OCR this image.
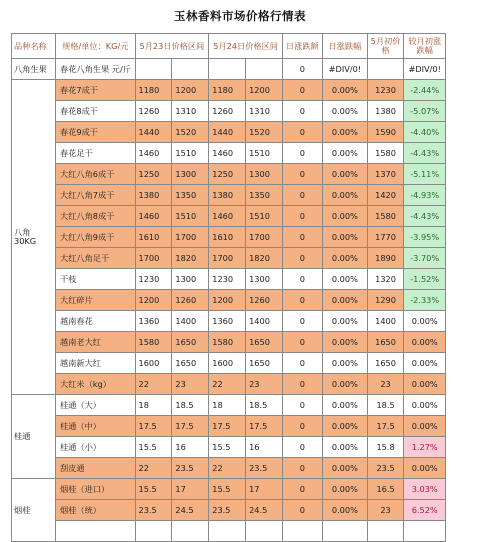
玉林香料市场价格行情表
品种名称	规格/单位：KG/元	5月23日价格区间		5月24日价格区间		日涨跌额	日涨跌幅	5月初价格	较月初涨跌幅
八角生果	春花八角生果 元/斤					0	#DIV/0!		#DIV/0!
八角
30KG	春花7成干	1180	1200	1180	1200	0	0.00%	1230	-2.44%
	春花8成干	1260	1310	1260	1310	0	0.00%	1380	-5.07%
	春花9成干	1440	1520	1440	1520	0	0.00%	1590	-4.40%
	春花足干	1460	1510	1460	1510	0	0.00%	1580	-4.43%
	大红八角6成干	1250	1300	1250	1300	0	0.00%	1370	-5.11%
	大红八角7成干	1380	1350	1380	1350	0	0.00%	1420	-4.93%
	大红八角8成干	1460	1510	1460	1510	0	0.00%	1580	-4.43%
	大红八角9成干	1610	1700	1610	1700	0	0.00%	1770	-3.95%
	大红八角足干	1700	1820	1700	1820	0	0.00%	1890	-3.70%
	干枝	1230	1300	1230	1300	0	0.00%	1320	-1.52%
	大红碎片	1200	1260	1200	1260	0	0.00%	1290	-2.33%
	越南春花	1360	1400	1360	1400	0	0.00%	1400	0.00%
	越南老大红	1580	1650	1580	1650	0	0.00%	1650	0.00%
	越南新大红	1600	1650	1600	1650	0	0.00%	1650	0.00%
	大红米（kg）	22	23	22	23	0	0.00%	23	0.00%
桂通	桂通（大）	18	18.5	18	18.5	0	0.00%	18.5	0.00%
	桂通（中）	17.5	17.5	17.5	17.5	0	0.00%	17.5	0.00%
	桂通（小）	15.5	16	15.5	16	0	0.00%	15.8	1.27%
	刮皮通	22	23.5	22	23.5	0	0.00%	23.5	0.00%
烟桂	烟桂（进口）	15.5	17	15.5	17	0	0.00%	16.5	3.03%
	烟桂（统）	23.5	24.5	23.5	24.5	0	0.00%	23	6.52%
